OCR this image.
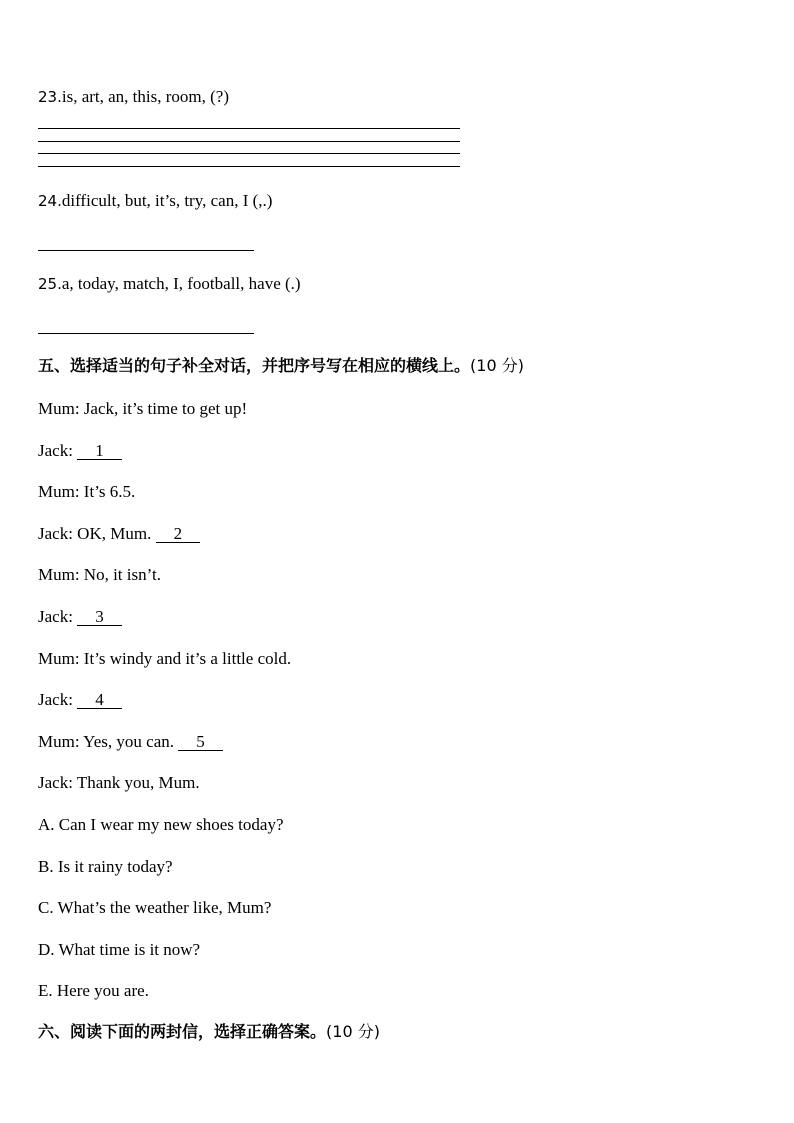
23.is, art, an, this, room, (?)
24.difficult, but, it’s, try, can, I (,.)
25.a, today, match, I, football, have (.)
五、选择适当的句子补全对话，并把序号写在相应的横线上。(10 分)
Mum: Jack, it’s time to get up!
Jack: 1
Mum: It’s 6.5.
Jack: OK, Mum. 2
Mum: No, it isn’t.
Jack: 3
Mum: It’s windy and it’s a little cold.
Jack: 4
Mum: Yes, you can. 5
Jack: Thank you, Mum.
A. Can I wear my new shoes today?
B. Is it rainy today?
C. What’s the weather like, Mum?
D. What time is it now?
E. Here you are.
六、阅读下面的两封信，选择正确答案。(10 分)
